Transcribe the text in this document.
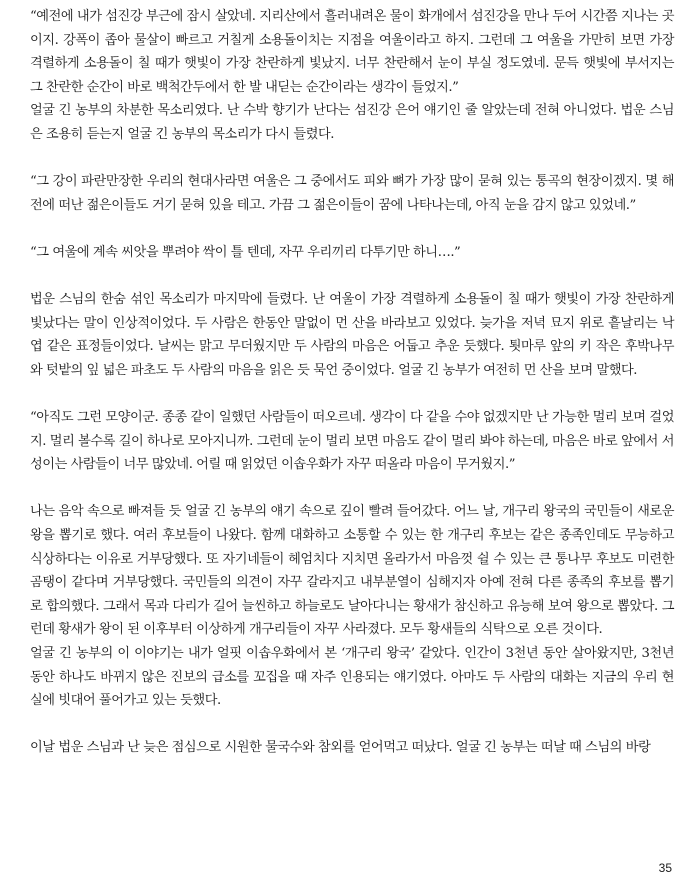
“예전에 내가 섬진강 부근에 잠시 살았네. 지리산에서 흘러내려온 물이 화개에서 섬진강을 만나 두어 시간쯤 지나는 곳이지. 강폭이 좁아 물살이 빠르고 거칠게 소용돌이치는 지점을 여울이라고 하지. 그런데 그 여울을 가만히 보면 가장 격렬하게 소용돌이 칠 때가 햇빛이 가장 찬란하게 빛났지. 너무 찬란해서 눈이 부실 정도였네. 문득 햇빛에 부서지는 그 찬란한 순간이 바로 백척간두에서 한 발 내딛는 순간이라는 생각이 들었지.”

얼굴 긴 농부의 차분한 목소리였다. 난 수박 향기가 난다는 섬진강 은어 얘기인 줄 알았는데 전혀 아니었다. 법운 스님은 조용히 듣는지 얼굴 긴 농부의 목소리가 다시 들렸다.

“그 강이 파란만장한 우리의 현대사라면 여울은 그 중에서도 피와 뼈가 가장 많이 묻혀 있는 통곡의 현장이겠지. 몇 해 전에 떠난 젊은이들도 거기 묻혀 있을 테고. 가끔 그 젊은이들이 꿈에 나타나는데, 아직 눈을 감지 않고 있었네.”

“그 여울에 계속 씨앗을 뿌려야 싹이 틀 텐데, 자꾸 우리끼리 다투기만 하니….”

법운 스님의 한숨 섞인 목소리가 마지막에 들렸다. 난 여울이 가장 격렬하게 소용돌이 칠 때가 햇빛이 가장 찬란하게 빛났다는 말이 인상적이었다. 두 사람은 한동안 말없이 먼 산을 바라보고 있었다. 늦가을 저녁 묘지 위로 흩날리는 낙엽 같은 표정들이었다. 날씨는 맑고 무더웠지만 두 사람의 마음은 어둡고 추운 듯했다. 툇마루 앞의 키 작은 후박나무와 텃밭의 잎 넓은 파초도 두 사람의 마음을 읽은 듯 묵언 중이었다. 얼굴 긴 농부가 여전히 먼 산을 보며 말했다.

“아직도 그런 모양이군. 종종 같이 일했던 사람들이 떠오르네. 생각이 다 같을 수야 없겠지만 난 가능한 멀리 보며 걸었지. 멀리 볼수록 길이 하나로 모아지니까. 그런데 눈이 멀리 보면 마음도 같이 멀리 봐야 하는데, 마음은 바로 앞에서 서성이는 사람들이 너무 많았네. 어릴 때 읽었던 이솝우화가 자꾸 떠올라 마음이 무거웠지.”

나는 음악 속으로 빠져들 듯 얼굴 긴 농부의 얘기 속으로 깊이 빨려 들어갔다. 어느 날, 개구리 왕국의 국민들이 새로운 왕을 뽑기로 했다. 여러 후보들이 나왔다. 함께 대화하고 소통할 수 있는 한 개구리 후보는 같은 종족인데도 무능하고 식상하다는 이유로 거부당했다. 또 자기네들이 헤엄치다 지치면 올라가서 마음껏 쉴 수 있는 큰 통나무 후보도 미련한 곰탱이 같다며 거부당했다. 국민들의 의견이 자꾸 갈라지고 내부분열이 심해지자 아예 전혀 다른 종족의 후보를 뽑기로 합의했다. 그래서 목과 다리가 길어 늘씬하고 하늘로도 날아다니는 황새가 참신하고 유능해 보여 왕으로 뽑았다. 그런데 황새가 왕이 된 이후부터 이상하게 개구리들이 자꾸 사라졌다. 모두 황새들의 식탁으로 오른 것이다.

얼굴 긴 농부의 이 이야기는 내가 얼핏 이솝우화에서 본 ‘개구리 왕국’ 같았다. 인간이 3천년 동안 살아왔지만, 3천년 동안 하나도 바뀌지 않은 진보의 급소를 꼬집을 때 자주 인용되는 얘기였다. 아마도 두 사람의 대화는 지금의 우리 현실에 빗대어 풀어가고 있는 듯했다.

이날 법운 스님과 난 늦은 점심으로 시원한 물국수와 참외를 얻어먹고 떠났다. 얼굴 긴 농부는 떠날 때 스님의 바랑

35
